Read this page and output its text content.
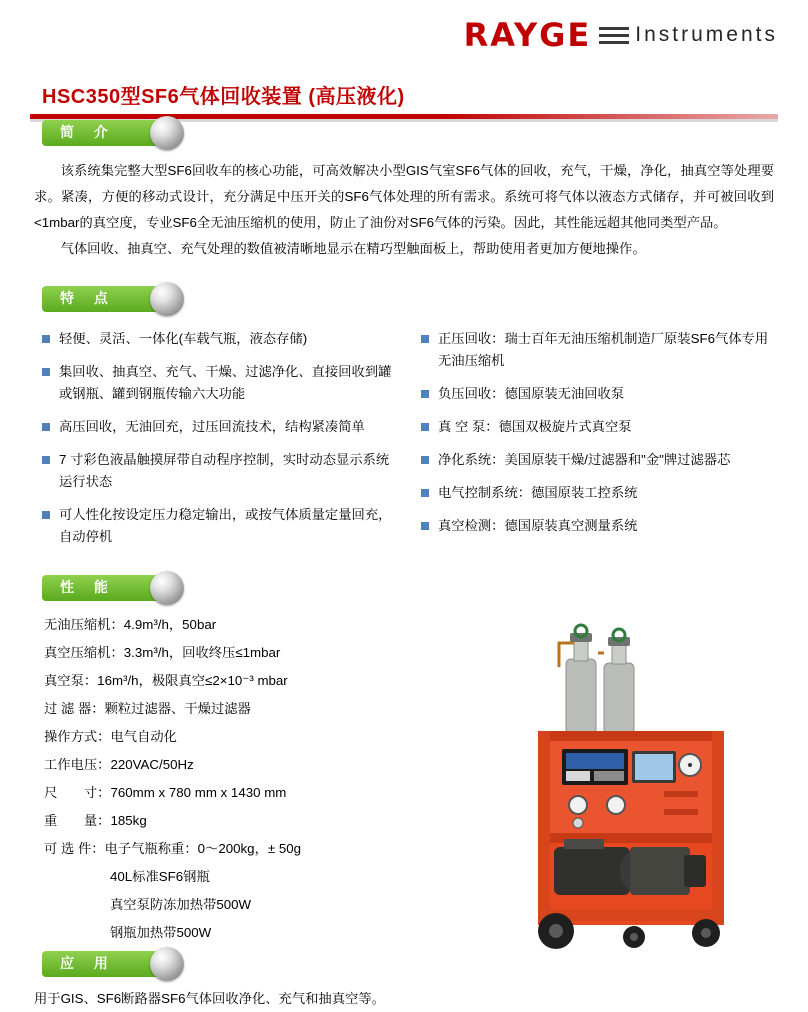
RAYGE Instruments
HSC350型SF6气体回收装置 (高压液化)
简 介

该系统集完整大型SF6回收车的核心功能，可高效解决小型GIS气室SF6气体的回收，充气，干燥，净化，抽真空等处理要求。紧凑，方便的移动式设计，充分满足中压开关的SF6气体处理的所有需求。系统可将气体以液态方式储存，并可被回收到<1mbar的真空度，专业SF6全无油压缩机的使用，防止了油份对SF6气体的污染。因此，其性能远超其他同类型产品。

气体回收、抽真空、充气处理的数值被清晰地显示在精巧型触面板上，帮助使用者更加方便地操作。

特 点
轻便、灵活、一体化(车载气瓶，液态存储)
集回收、抽真空、充气、干燥、过滤净化、直接回收到罐或钢瓶、罐到钢瓶传输六大功能
高压回收，无油回充，过压回流技术，结构紧凑简单
7 寸彩色液晶触摸屏带自动程序控制，实时动态显示系统运行状态
可人性化按设定压力稳定输出，或按气体质量定量回充，自动停机
正压回收：瑞士百年无油压缩机制造厂原装SF6气体专用无油压缩机
负压回收：德国原装无油回收泵
真 空 泵：德国双极旋片式真空泵
净化系统：美国原装干燥/过滤器和"金"牌过滤器芯
电气控制系统：德国原装工控系统
真空检测：德国原装真空测量系统
性 能
无油压缩机：4.9m³/h，50bar
真空压缩机：3.3m³/h，回收终压≤1mbar
真空泵：16m³/h，极限真空≤2×10⁻³ mbar
过 滤 器：颗粒过滤器、干燥过滤器
操作方式：电气自动化
工作电压：220VAC/50Hz
尺　　寸：760mm x 780 mm x 1430 mm
重　　量：185kg
可 选 件：电子气瓶称重：0～200kg，± 50g
40L标准SF6钢瓶
真空泵防冻加热带500W
钢瓶加热带500W
应 用
用于GIS、SF6断路器SF6气体回收净化、充气和抽真空等。
